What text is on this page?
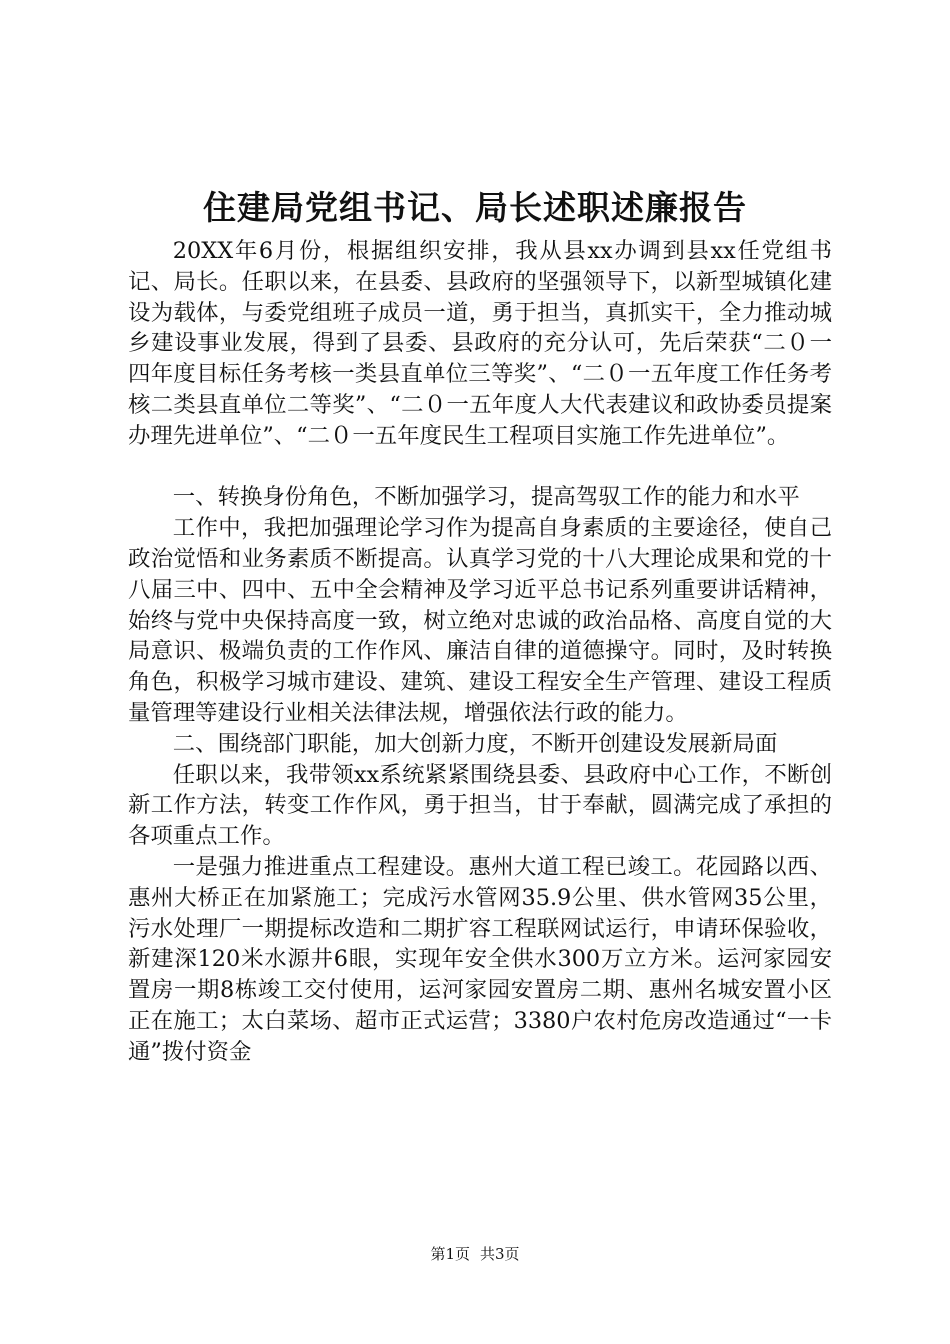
住建局党组书记、局长述职述廉报告

20XX年6月份，根据组织安排，我从县xx办调到县xx任党组书记、局长。任职以来，在县委、县政府的坚强领导下，以新型城镇化建设为载体，与委党组班子成员一道，勇于担当，真抓实干，全力推动城乡建设事业发展，得到了县委、县政府的充分认可，先后荣获“二０一四年度目标任务考核一类县直单位三等奖”、“二０一五年度工作任务考核二类县直单位二等奖”、“二０一五年度人大代表建议和政协委员提案办理先进单位”、“二０一五年度民生工程项目实施工作先进单位”。

一、转换身份角色，不断加强学习，提高驾驭工作的能力和水平

工作中，我把加强理论学习作为提高自身素质的主要途径，使自己政治觉悟和业务素质不断提高。认真学习党的十八大理论成果和党的十八届三中、四中、五中全会精神及学习近平总书记系列重要讲话精神，始终与党中央保持高度一致，树立绝对忠诚的政治品格、高度自觉的大局意识、极端负责的工作作风、廉洁自律的道德操守。同时，及时转换角色，积极学习城市建设、建筑、建设工程安全生产管理、建设工程质量管理等建设行业相关法律法规，增强依法行政的能力。

二、围绕部门职能，加大创新力度，不断开创建设发展新局面

任职以来，我带领xx系统紧紧围绕县委、县政府中心工作，不断创新工作方法，转变工作作风，勇于担当，甘于奉献，圆满完成了承担的各项重点工作。

一是强力推进重点工程建设。惠州大道工程已竣工。花园路以西、惠州大桥正在加紧施工；完成污水管网35.9公里、供水管网35公里，污水处理厂一期提标改造和二期扩容工程联网试运行，申请环保验收，新建深120米水源井6眼，实现年安全供水300万立方米。运河家园安置房一期8栋竣工交付使用，运河家园安置房二期、惠州名城安置小区正在施工；太白菜场、超市正式运营；3380户农村危房改造通过“一卡通”拨付资金

第1页 共3页
